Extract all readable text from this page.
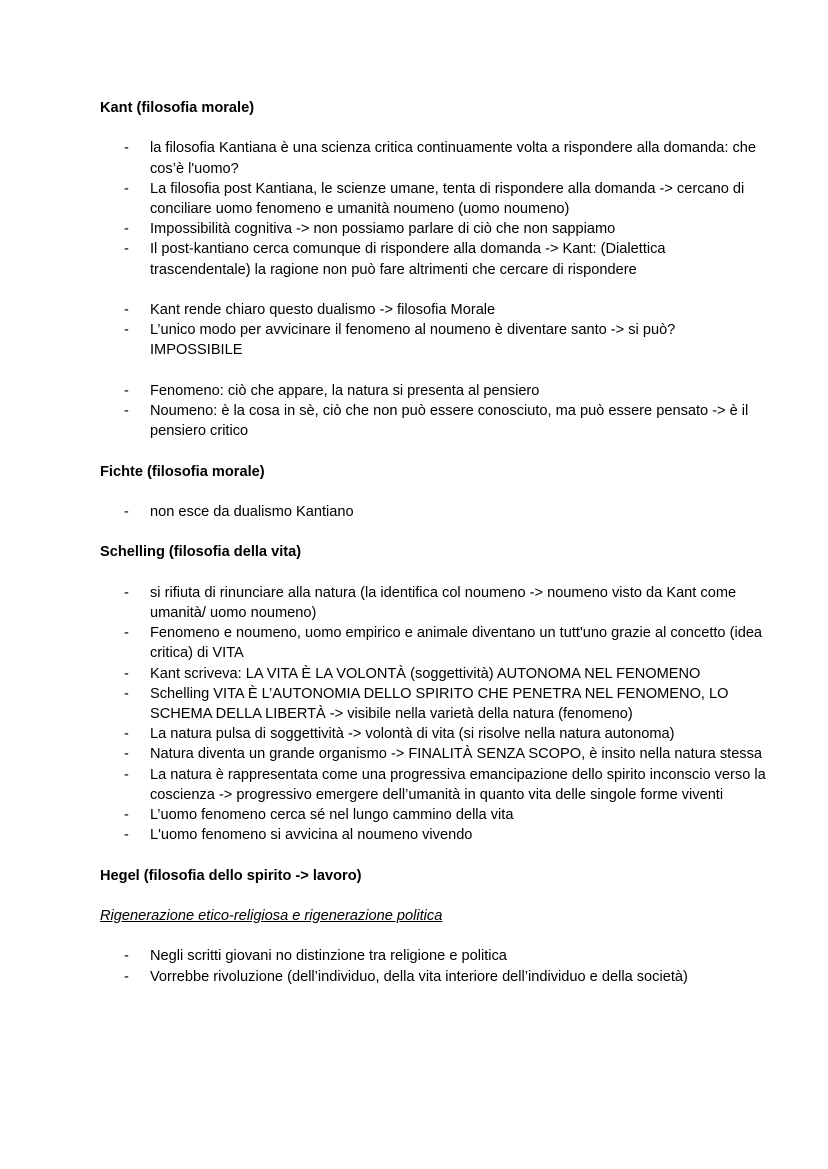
Kant (filosofia morale)
- la filosofia Kantiana è una scienza critica continuamente volta a rispondere alla domanda: che cos’è l'uomo?
- La filosofia post Kantiana, le scienze umane, tenta di rispondere alla domanda -> cercano di conciliare uomo fenomeno e umanità noumeno (uomo noumeno)
- Impossibilità cognitiva -> non possiamo parlare di ciò che non sappiamo
- Il post-kantiano cerca comunque di rispondere alla domanda -> Kant: (Dialettica trascendentale) la ragione non può fare altrimenti che cercare di rispondere
- Kant rende chiaro questo dualismo -> filosofia Morale
- L’unico modo per avvicinare il fenomeno al noumeno è diventare santo -> si può? IMPOSSIBILE
- Fenomeno: ciò che appare, la natura si presenta al pensiero
- Noumeno: è la cosa in sè, ciò che non può essere conosciuto, ma può essere pensato -> è il pensiero critico
Fichte (filosofia morale)
- non esce da dualismo Kantiano
Schelling (filosofia della vita)
- si rifiuta di rinunciare alla natura (la identifica col noumeno -> noumeno visto da Kant come umanità/ uomo noumeno)
- Fenomeno e noumeno, uomo empirico e animale diventano un tutt'uno grazie al concetto (idea critica) di VITA
- Kant scriveva: LA VITA È LA VOLONTÀ (soggettività) AUTONOMA NEL FENOMENO
- Schelling VITA È L’AUTONOMIA DELLO SPIRITO CHE PENETRA NEL FENOMENO, LO SCHEMA DELLA LIBERTÀ -> visibile nella varietà della natura (fenomeno)
- La natura pulsa di soggettività -> volontà di vita (si risolve nella natura autonoma)
- Natura diventa un grande organismo -> FINALITÀ SENZA SCOPO, è insito nella natura stessa
- La natura è rappresentata come una progressiva emancipazione dello spirito inconscio verso la coscienza -> progressivo emergere dell’umanità in quanto vita delle singole forme viventi
- L’uomo fenomeno cerca sé nel lungo cammino della vita
- L'uomo fenomeno si avvicina al noumeno vivendo
Hegel (filosofia dello spirito -> lavoro)
Rigenerazione etico-religiosa e rigenerazione politica
- Negli scritti giovani no distinzione tra religione e politica
- Vorrebbe rivoluzione (dell’individuo, della vita interiore dell’individuo e della società)
